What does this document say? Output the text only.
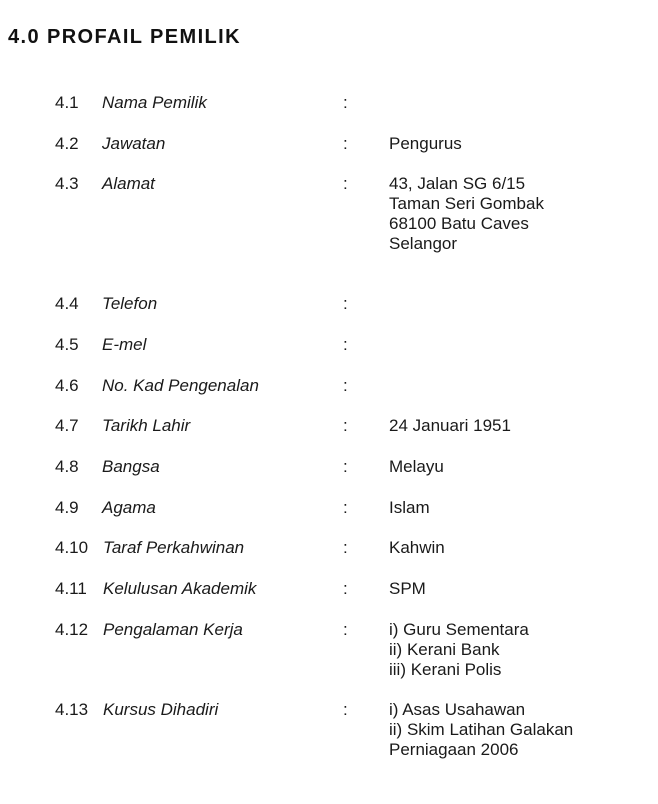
4.0 PROFAIL PEMILIK
4.1 Nama Pemilik	:
4.2 Jawatan	: Pengurus
4.3 Alamat	: 43, Jalan SG 6/15
Taman Seri Gombak
68100 Batu Caves
Selangor
4.4 Telefon	:
4.5 E-mel	:
4.6 No. Kad Pengenalan	:
4.7 Tarikh Lahir	: 24 Januari 1951
4.8 Bangsa	: Melayu
4.9 Agama	: Islam
4.10 Taraf Perkahwinan	: Kahwin
4.11 Kelulusan Akademik	: SPM
4.12 Pengalaman Kerja	: i) Guru Sementara
ii) Kerani Bank
iii) Kerani Polis
4.13 Kursus Dihadiri	: i) Asas Usahawan
ii) Skim Latihan Galakan
Perniagaan 2006
